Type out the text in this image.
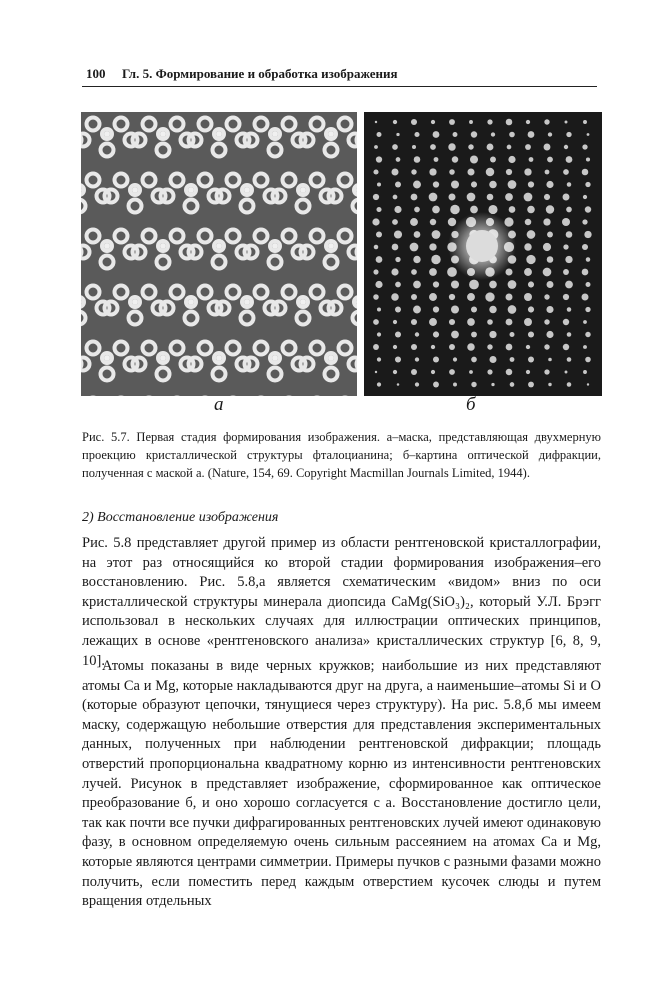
100 Гл. 5. Формирование и обработка изображения
а	б
Рис. 5.7. Первая стадия формирования изображения. а–маска, представляющая двухмерную проекцию кристаллической структуры фталоцианина; б–картина оптической дифракции, полученная с маской а. (Nature, 154, 69. Copyright Macmillan Journals Limited, 1944).
2) Восстановление изображения
Рис. 5.8 представляет другой пример из области рентгеновской кристаллографии, на этот раз относящийся ко второй стадии формирования изображения–его восстановлению. Рис. 5.8,а является схематическим «видом» вниз по оси кристаллической структуры минерала диопсида CaMg(SiO₃)₂, который У.Л. Брэгг использовал в нескольких случаях для иллюстрации оптических принципов, лежащих в основе «рентгеновского анализа» кристаллических структур [6, 8, 9, 10].
Атомы показаны в виде черных кружков; наибольшие из них представляют атомы Ca и Mg, которые накладываются друг на друга, а наименьшие–атомы Si и O (которые образуют цепочки, тянущиеся через структуру). На рис. 5.8,б мы имеем маску, содержащую небольшие отверстия для представления экспериментальных данных, полученных при наблюдении рентгеновской дифракции; площадь отверстий пропорциональна квадратному корню из интенсивности рентгеновских лучей. Рисунок в представляет изображение, сформированное как оптическое преобразование б, и оно хорошо согласуется с а. Восстановление достигло цели, так как почти все пучки дифрагированных рентгеновских лучей имеют одинаковую фазу, в основном определяемую очень сильным рассеянием на атомах Ca и Mg, которые являются центрами симметрии. Примеры пучков с разными фазами можно получить, если поместить перед каждым отверстием кусочек слюды и путем вращения отдельных
